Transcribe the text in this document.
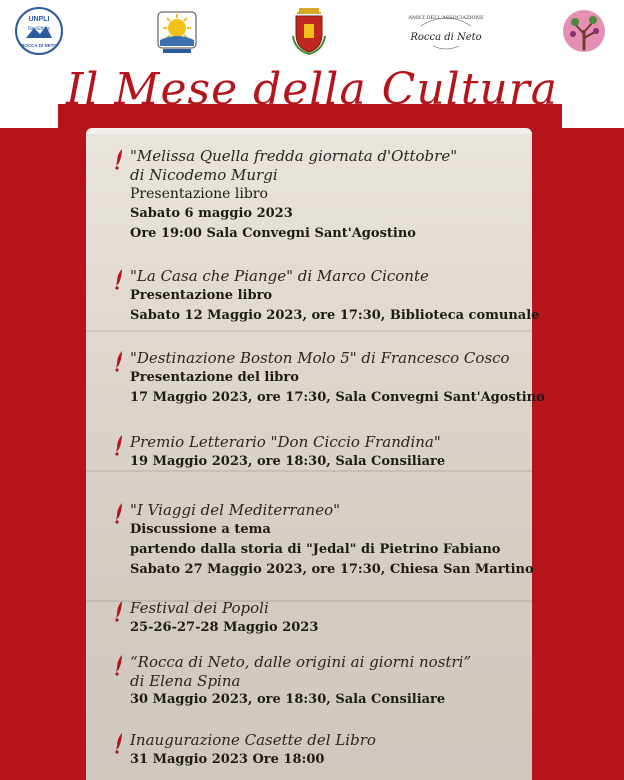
UNPLI
NeoEthos
ROCCA DI NETO
AMICI DELL'ASSOCIAZIONE
Rocca di Neto
Il Mese della Cultura
"Melissa Quella fredda giornata d'Ottobre"
di Nicodemo Murgi
Presentazione libro
Sabato 6 maggio 2023
Ore 19:00 Sala Convegni Sant'Agostino
"La Casa che Piange" di Marco Ciconte
Presentazione libro
Sabato 12 Maggio 2023, ore 17:30, Biblioteca comunale
"Destinazione Boston Molo 5" di Francesco Cosco
Presentazione del libro
17 Maggio 2023, ore 17:30, Sala Convegni Sant'Agostino
Premio Letterario "Don Ciccio Frandina"
19 Maggio 2023, ore 18:30, Sala Consiliare
"I Viaggi del Mediterraneo"
Discussione a tema
partendo dalla storia di "Jedal" di Pietrino Fabiano
Sabato 27 Maggio 2023, ore 17:30, Chiesa San Martino
Festival dei Popoli
25-26-27-28 Maggio 2023
“Rocca di Neto, dalle origini ai giorni nostri”
di Elena Spina
30 Maggio 2023, ore 18:30, Sala Consiliare
Inaugurazione Casette del Libro
31 Maggio 2023 Ore 18:00
